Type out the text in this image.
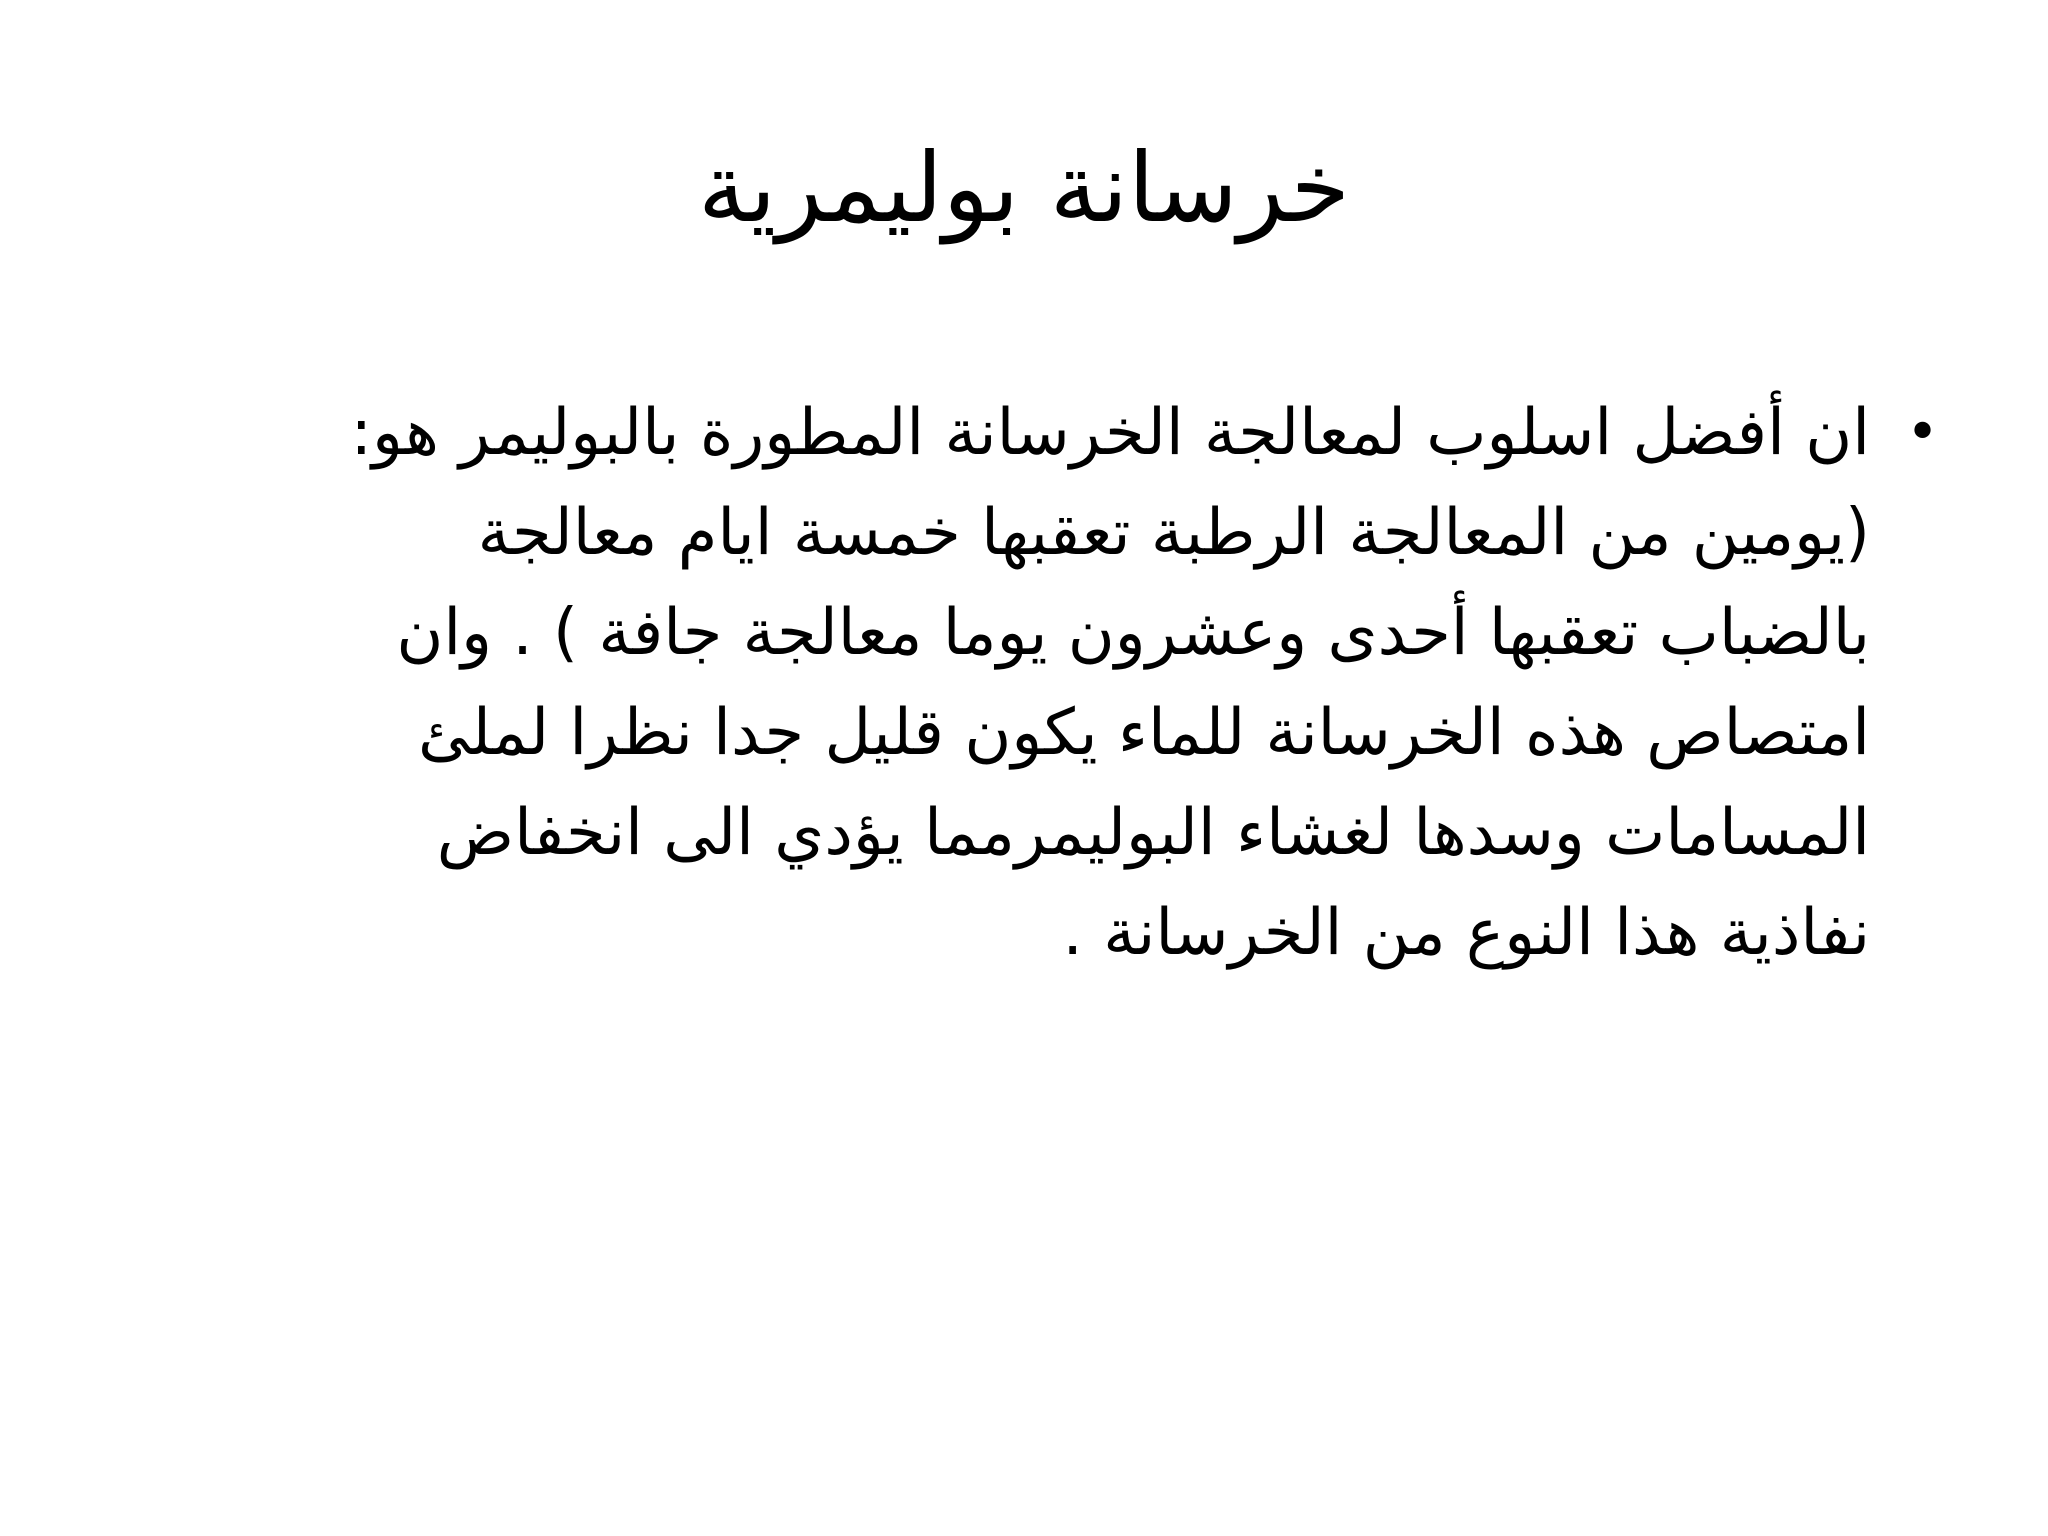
خرسانة بوليمرية
•
ان أفضل اسلوب لمعالجة الخرسانة المطورة بالبوليمر هو:
(يومين من المعالجة الرطبة تعقبها خمسة ايام معالجة
بالضباب تعقبها أحدى وعشرون يوما معالجة جافة ) . وان
امتصاص هذه الخرسانة للماء يكون قليل جدا نظرا لملئ
المسامات وسدها لغشاء البوليمرمما يؤدي الى انخفاض
نفاذية هذا النوع من الخرسانة .
